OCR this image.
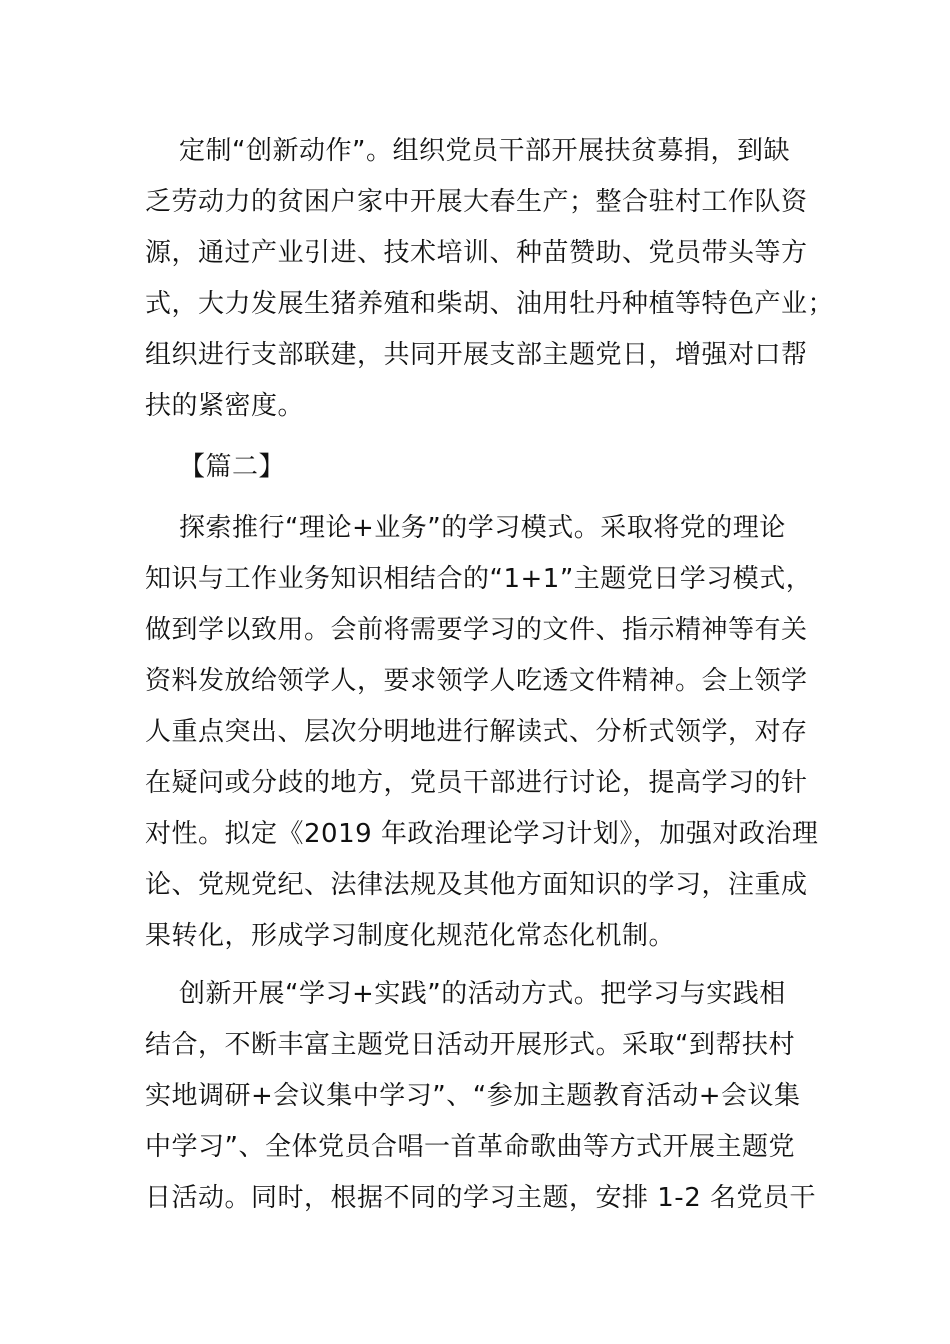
定制“创新动作”。组织党员干部开展扶贫募捐，到缺
乏劳动力的贫困户家中开展大春生产；整合驻村工作队资
源，通过产业引进、技术培训、种苗赞助、党员带头等方
式，大力发展生猪养殖和柴胡、油用牡丹种植等特色产业；
组织进行支部联建，共同开展支部主题党日，增强对口帮
扶的紧密度。
【篇二】
探索推行“理论+业务”的学习模式。采取将党的理论
知识与工作业务知识相结合的“1+1”主题党日学习模式，
做到学以致用。会前将需要学习的文件、指示精神等有关
资料发放给领学人，要求领学人吃透文件精神。会上领学
人重点突出、层次分明地进行解读式、分析式领学，对存
在疑问或分歧的地方，党员干部进行讨论，提高学习的针
对性。拟定《2019 年政治理论学习计划》，加强对政治理
论、党规党纪、法律法规及其他方面知识的学习，注重成
果转化，形成学习制度化规范化常态化机制。
创新开展“学习+实践”的活动方式。把学习与实践相
结合，不断丰富主题党日活动开展形式。采取“到帮扶村
实地调研+会议集中学习”、“参加主题教育活动+会议集
中学习”、全体党员合唱一首革命歌曲等方式开展主题党
日活动。同时，根据不同的学习主题，安排 1-2 名党员干
